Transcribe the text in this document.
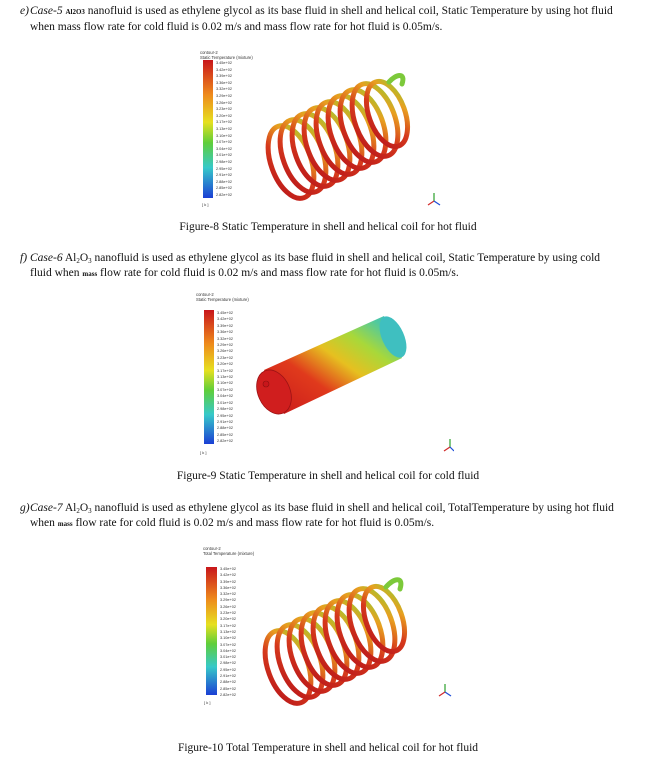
e) Case-5 Al2O3 nanofluid is used as ethylene glycol as its base fluid in shell and helical coil, Static Temperature by using hot fluid
when mass flow rate for cold fluid is 0.02 m/s and mass flow rate for hot fluid is 0.05m/s.
contour-2
Static Temperature (mixture)
3.45e+02
3.42e+02
3.39e+02
3.36e+02
3.32e+02
3.29e+02
3.26e+02
3.23e+02
3.20e+02
3.17e+02
3.13e+02
3.10e+02
3.07e+02
3.04e+02
3.01e+02
2.98e+02
2.95e+02
2.91e+02
2.88e+02
2.85e+02
2.82e+02
[ k ]
Figure-8 Static Temperature in shell and helical coil for hot fluid
f) Case-6 $Al_2O_3$ nanofluid is used as ethylene glycol as its base fluid in shell and helical coil, Static Temperature by using cold
fluid when mass flow rate for cold fluid is 0.02 m/s and mass flow rate for hot fluid is 0.05m/s.
contour-2
Static Temperature (mixture)
3.45e+02
3.42e+02
3.39e+02
3.36e+02
3.32e+02
3.29e+02
3.26e+02
3.23e+02
3.20e+02
3.17e+02
3.13e+02
3.10e+02
3.07e+02
3.04e+02
3.01e+02
2.98e+02
2.95e+02
2.91e+02
2.88e+02
2.85e+02
2.82e+02
[ k ]
Figure-9 Static Temperature in shell and helical coil for cold fluid
g) Case-7 $Al_2O_3$ nanofluid is used as ethylene glycol as its base fluid in shell and helical coil, TotalTemperature by using hot fluid
when mass flow rate for cold fluid is 0.02 m/s and mass flow rate for hot fluid is 0.05m/s.
contour-2
Total Temperature (mixture)
3.45e+02
3.42e+02
3.39e+02
3.36e+02
3.32e+02
3.29e+02
3.26e+02
3.23e+02
3.20e+02
3.17e+02
3.13e+02
3.10e+02
3.07e+02
3.04e+02
3.01e+02
2.98e+02
2.95e+02
2.91e+02
2.88e+02
2.85e+02
2.82e+02
[ k ]
Figure-10 Total Temperature in shell and helical coil for hot fluid
